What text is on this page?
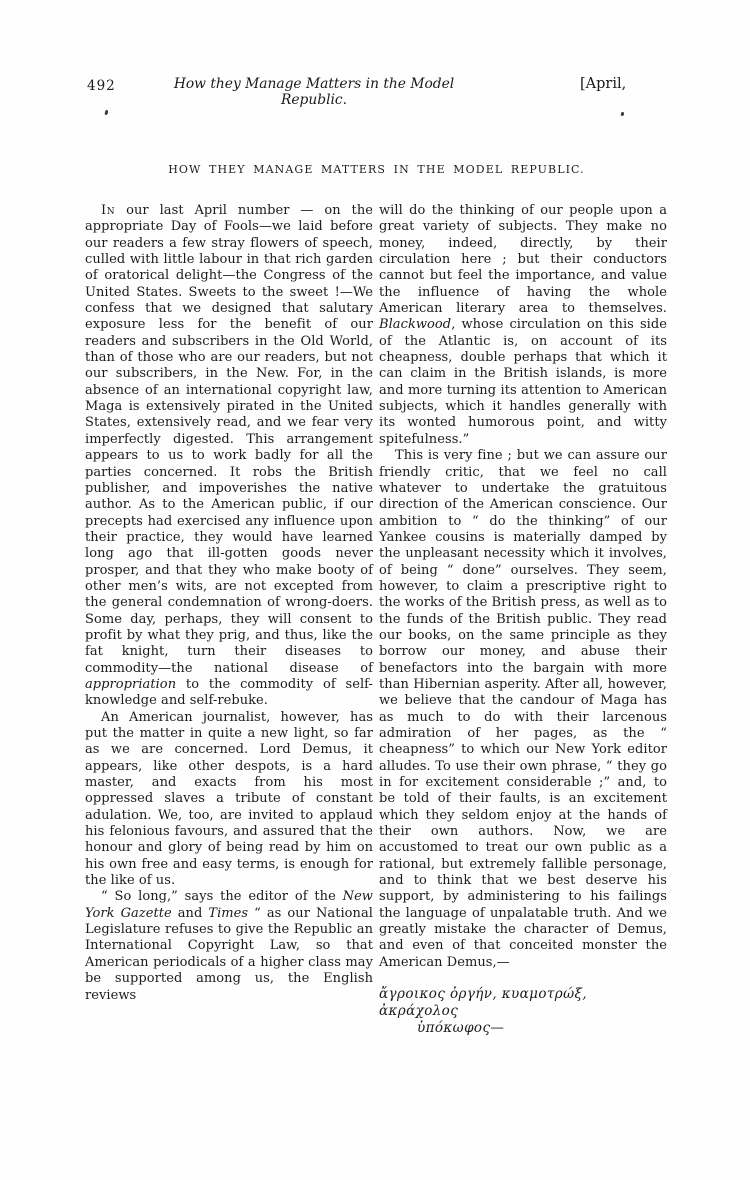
492	How they Manage Matters in the Model Republic.
[April,
HOW THEY MANAGE MATTERS IN THE MODEL REPUBLIC.

In our last April number — on the appropriate Day of Fools—we laid before our readers a few stray flowers of speech, culled with little labour in that rich garden of oratorical delight—the Congress of the United States. Sweets to the sweet !—We confess that we designed that salutary exposure less for the benefit of our readers and subscribers in the Old World, than of those who are our readers, but not our subscribers, in the New. For, in the absence of an international copyright law, Maga is extensively pirated in the United States, extensively read, and we fear very imperfectly digested. This arrangement appears to us to work badly for all the parties concerned. It robs the British publisher, and impoverishes the native author. As to the American public, if our precepts had exercised any influence upon their practice, they would have learned long ago that ill-gotten goods never prosper, and that they who make booty of other men’s wits, are not excepted from the general condemnation of wrong-doers. Some day, perhaps, they will consent to profit by what they prig, and thus, like the fat knight, turn their diseases to commodity—the national disease of appropriation to the commodity of self-knowledge and self-rebuke.

An American journalist, however, has put the matter in quite a new light, so far as we are concerned. Lord Demus, it appears, like other despots, is a hard master, and exacts from his most oppressed slaves a tribute of constant adulation. We, too, are invited to applaud his felonious favours, and assured that the honour and glory of being read by him on his own free and easy terms, is enough for the like of us.

“ So long,” says the editor of the New York Gazette and Times “ as our National Legislature refuses to give the Republic an International Copyright Law, so that American periodicals of a higher class may be supported among us, the English reviews

will do the thinking of our people upon a great variety of subjects. They make no money, indeed, directly, by their circulation here ; but their conductors cannot but feel the importance, and value the influence of having the whole American literary area to themselves. Blackwood, whose circulation on this side of the Atlantic is, on account of its cheapness, double perhaps that which it can claim in the British islands, is more and more turning its attention to American subjects, which it handles generally with its wonted humorous point, and witty spitefulness.”

This is very fine ; but we can assure our friendly critic, that we feel no call whatever to undertake the gratuitous direction of the American conscience. Our ambition to “ do the thinking” of our Yankee cousins is materially damped by the unpleasant necessity which it involves, of being “ done” ourselves. They seem, however, to claim a prescriptive right to the works of the British press, as well as to the funds of the British public. They read our books, on the same principle as they borrow our money, and abuse their benefactors into the bargain with more than Hibernian asperity. After all, however, we believe that the candour of Maga has as much to do with their larcenous admiration of her pages, as the “ cheapness” to which our New York editor alludes. To use their own phrase, “ they go in for excitement considerable ;” and, to be told of their faults, is an excitement which they seldom enjoy at the hands of their own authors. Now, we are accustomed to treat our own public as a rational, but extremely fallible personage, and to think that we best deserve his support, by administering to his failings the language of unpalatable truth. And we greatly mistake the character of Demus, and even of that conceited monster the American Demus,—

ἄγροικος ὀργήν, κυαμοτρώξ, ἀκράχολος
ὑπόκωφος—
